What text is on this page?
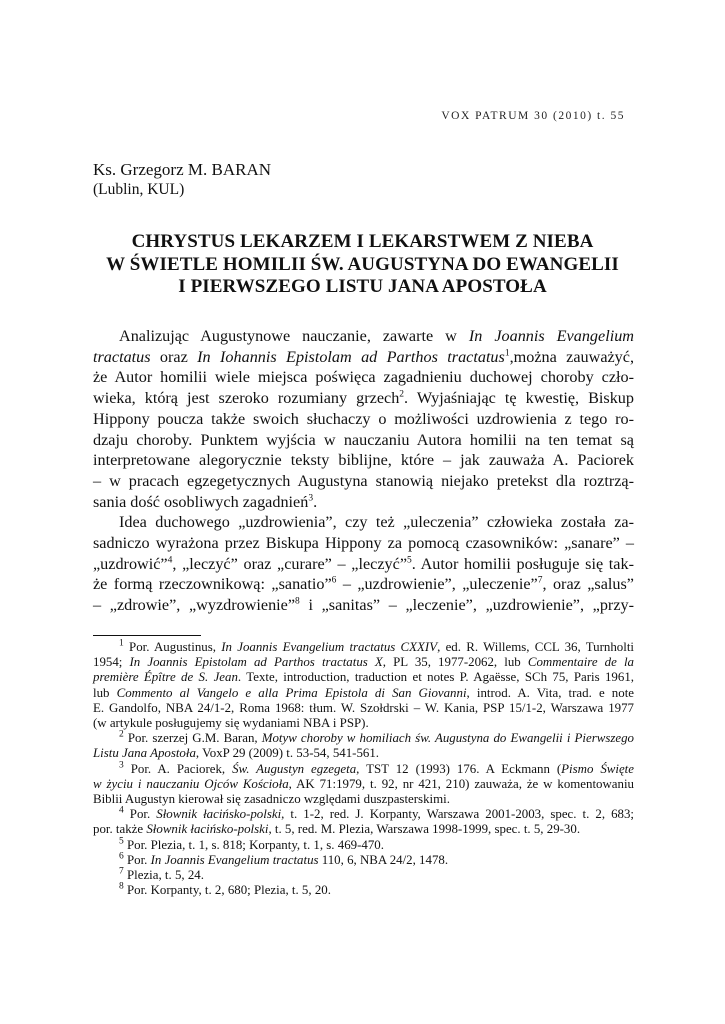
VOX PATRUM 30 (2010) t. 55
Ks. Grzegorz M. BARAN
(Lublin, KUL)
CHRYSTUS LEKARZEM I LEKARSTWEM Z NIEBA
W ŚWIETLE HOMILII ŚW. AUGUSTYNA DO EWANGELII
I PIERWSZEGO LISTU JANA APOSTOŁA
Analizując Augustynowe nauczanie, zawarte w In Joannis Evangelium
tractatus oraz In Iohannis Epistolam ad Parthos tractatus$^1$,można zauważyć,
że Autor homilii wiele miejsca poświęca zagadnieniu duchowej choroby czło-
wieka, którą jest szeroko rozumiany grzech$^2$. Wyjaśniając tę kwestię, Biskup
Hippony poucza także swoich słuchaczy o możliwości uzdrowienia z tego ro-
dzaju choroby. Punktem wyjścia w nauczaniu Autora homilii na ten temat są
interpretowane alegorycznie teksty biblijne, które – jak zauważa A. Paciorek
– w pracach egzegetycznych Augustyna stanowią niejako pretekst dla roztrzą-
sania dość osobliwych zagadnień$^3$.
Idea duchowego „uzdrowienia”, czy też „uleczenia” człowieka została za-
sadniczo wyrażona przez Biskupa Hippony za pomocą czasowników: „sanare” –
„uzdrowić”$^4$, „leczyć” oraz „curare” – „leczyć”$^5$. Autor homilii posługuje się tak-
że formą rzeczownikową: „sanatio”$^6$ – „uzdrowienie”, „uleczenie”$^7$, oraz „salus”
– „zdrowie”, „wyzdrowienie”$^8$ i „sanitas” – „leczenie”, „uzdrowienie”, „przy-
$^1$ Por. Augustinus, In Joannis Evangelium tractatus CXXIV, ed. R. Willems, CCL 36, Turnholti
1954; In Joannis Epistolam ad Parthos tractatus X, PL 35, 1977-2062, lub Commentaire de la
première Épître de S. Jean. Texte, introduction, traduction et notes P. Agaësse, SCh 75, Paris 1961,
lub Commento al Vangelo e alla Prima Epistola di San Giovanni, introd. A. Vita, trad. e note
E. Gandolfo, NBA 24/1-2, Roma 1968: tłum. W. Szołdrski – W. Kania, PSP 15/1-2, Warszawa 1977
(w artykule posługujemy się wydaniami NBA i PSP).
$^2$ Por. szerzej G.M. Baran, Motyw choroby w homiliach św. Augustyna do Ewangelii i Pierwszego
Listu Jana Apostoła, VoxP 29 (2009) t. 53-54, 541-561.
$^3$ Por. A. Paciorek, Św. Augustyn egzegeta, TST 12 (1993) 176. A Eckmann (Pismo Święte
w życiu i nauczaniu Ojców Kościoła, AK 71:1979, t. 92, nr 421, 210) zauważa, że w komentowaniu
Biblii Augustyn kierował się zasadniczo względami duszpasterskimi.
$^4$ Por. Słownik łacińsko-polski, t. 1-2, red. J. Korpanty, Warszawa 2001-2003, spec. t. 2, 683;
por. także Słownik łacińsko-polski, t. 5, red. M. Plezia, Warszawa 1998-1999, spec. t. 5, 29-30.
$^5$ Por. Plezia, t. 1, s. 818; Korpanty, t. 1, s. 469-470.
$^6$ Por. In Joannis Evangelium tractatus 110, 6, NBA 24/2, 1478.
$^7$ Plezia, t. 5, 24.
$^8$ Por. Korpanty, t. 2, 680; Plezia, t. 5, 20.
